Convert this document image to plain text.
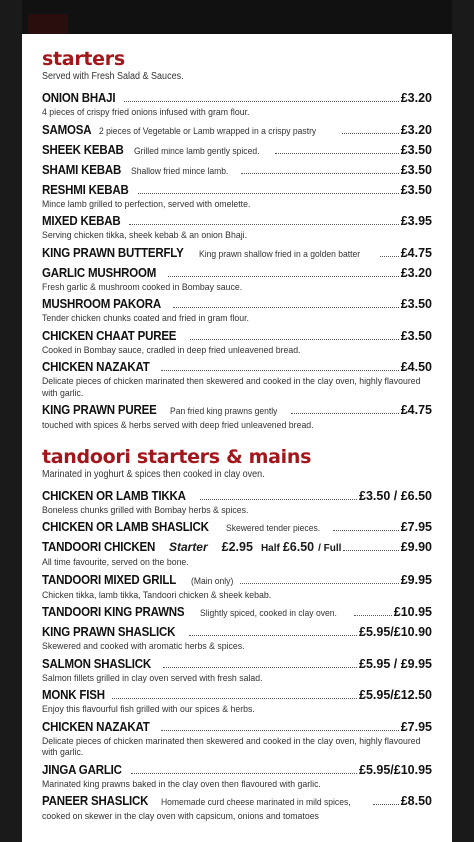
starters
Served with Fresh Salad & Sauces.
ONION BHAJI	£3.20
4 pieces of crispy fried onions infused with gram flour.
SAMOSA 2 pieces of Vegetable or Lamb wrapped in a crispy pastry	£3.20
SHEEK KEBAB Grilled mince lamb gently spiced.	£3.50
SHAMI KEBAB Shallow fried mince lamb.	£3.50
RESHMI KEBAB	£3.50
Mince lamb grilled to perfection, served with omelette.
MIXED KEBAB	£3.95
Serving chicken tikka, sheek kebab & an onion Bhaji.
KING PRAWN BUTTERFLY King prawn shallow fried in a golden batter	£4.75
GARLIC MUSHROOM	£3.20
Fresh garlic & mushroom cooked in Bombay sauce.
MUSHROOM PAKORA	£3.50
Tender chicken chunks coated and fried in gram flour.
CHICKEN CHAAT PUREE	£3.50
Cooked in Bombay sauce, cradled in deep fried unleavened bread.
CHICKEN NAZAKAT	£4.50
Delicate pieces of chicken marinated then skewered and cooked in the clay oven, highly flavoured with garlic.
KING PRAWN PUREE Pan fried king prawns gently	£4.75
touched with spices & herbs served with deep fried unleavened bread.
tandoori starters & mains
Marinated in yoghurt & spices then cooked in clay oven.
CHICKEN OR LAMB TIKKA	£3.50 / £6.50
Boneless chunks grilled with Bombay herbs & spices.
CHICKEN OR LAMB SHASLICK Skewered tender pieces.	£7.95
TANDOORI CHICKEN Starter £2.95 Half £6.50 / Full	£9.90
All time favourite, served on the bone.
TANDOORI MIXED GRILL (Main only)	£9.95
Chicken tikka, lamb tikka, Tandoori chicken & sheek kebab.
TANDOORI KING PRAWNS Slightly spiced, cooked in clay oven.	£10.95
KING PRAWN SHASLICK	£5.95/£10.90
Skewered and cooked with aromatic herbs & spices.
SALMON SHASLICK	£5.95 / £9.95
Salmon fillets grilled in clay oven served with fresh salad.
MONK FISH	£5.95/£12.50
Enjoy this flavourful fish grilled with our spices & herbs.
CHICKEN NAZAKAT	£7.95
Delicate pieces of chicken marinated then skewered and cooked in the clay oven, highly flavoured with garlic.
JINGA GARLIC	£5.95/£10.95
Marinated king prawns baked in the clay oven then flavoured with garlic.
PANEER SHASLICK Homemade curd cheese marinated in mild spices,	£8.50
cooked on skewer in the clay oven with capsicum, onions and tomatoes
